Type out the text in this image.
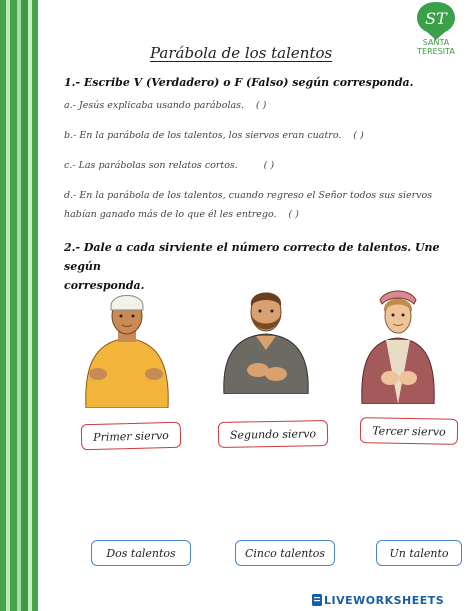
ST
SANTA
TERESITA
Parábola de los talentos
1.- Escribe V (Verdadero) o F (Falso) según corresponda.
a.- Jesús explicaba usando parábolas. ( )
b.- En la parábola de los talentos, los siervos eran cuatro. ( )
c.- Las parábolas son relatos cortos.	( )
d.- En la parábola de los talentos, cuando regreso el Señor todos sus siervos
habían ganado más de lo que él les entrego. ( )
2.- Dale a cada sirviente el número correcto de talentos. Une según
corresponda.
Primer siervo	Segundo siervo	Tercer siervo
Dos talentos	Cinco talentos	Un talento
LIVEWORKSHEETS
